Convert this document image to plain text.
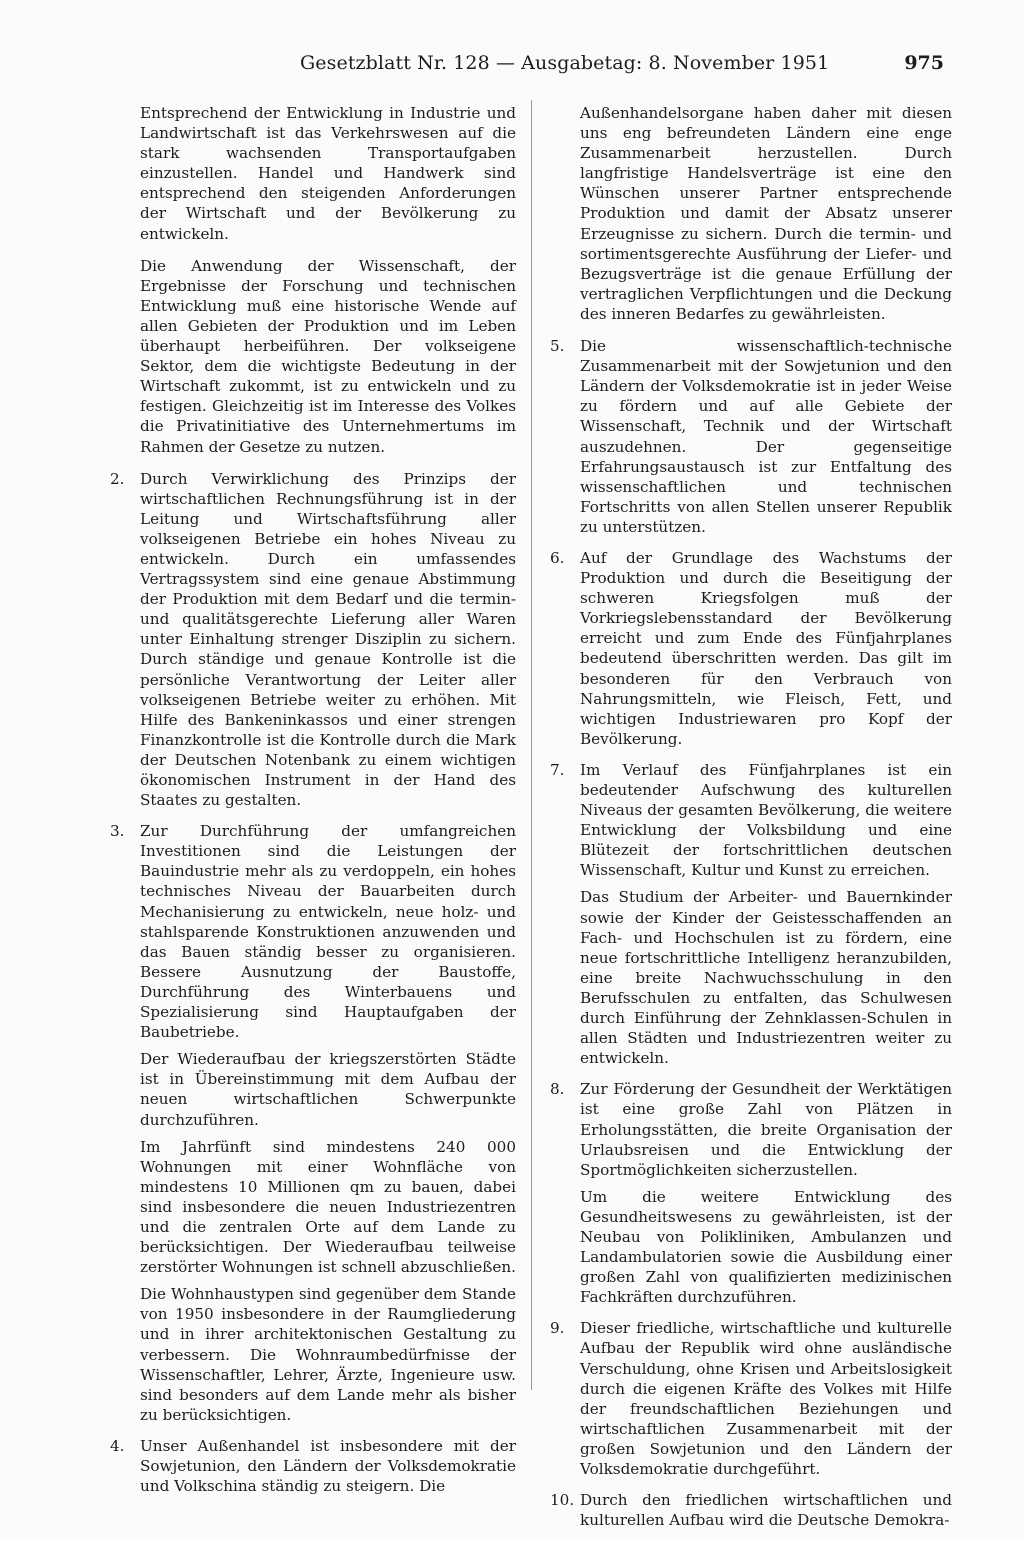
Gesetzblatt Nr. 128 — Ausgabetag: 8. November 1951	975

Entsprechend der Entwicklung in Industrie und Landwirtschaft ist das Verkehrswesen auf die stark wachsenden Transportaufgaben einzustellen. Handel und Handwerk sind entsprechend den steigenden Anforderungen der Wirtschaft und der Bevölkerung zu entwickeln.

Die Anwendung der Wissenschaft, der Ergebnisse der Forschung und technischen Entwicklung muß eine historische Wende auf allen Gebieten der Produktion und im Leben überhaupt herbeiführen. Der volkseigene Sektor, dem die wichtigste Bedeutung in der Wirtschaft zukommt, ist zu entwickeln und zu festigen. Gleichzeitig ist im Interesse des Volkes die Privatinitiative des Unternehmertums im Rahmen der Gesetze zu nutzen.

2. Durch Verwirklichung des Prinzips der wirtschaftlichen Rechnungsführung ist in der Leitung und Wirtschaftsführung aller volkseigenen Betriebe ein hohes Niveau zu entwickeln. Durch ein umfassendes Vertragssystem sind eine genaue Abstimmung der Produktion mit dem Bedarf und die termin- und qualitätsgerechte Lieferung aller Waren unter Einhaltung strenger Disziplin zu sichern. Durch ständige und genaue Kontrolle ist die persönliche Verantwortung der Leiter aller volkseigenen Betriebe weiter zu erhöhen. Mit Hilfe des Bankeninkassos und einer strengen Finanzkontrolle ist die Kontrolle durch die Mark der Deutschen Notenbank zu einem wichtigen ökonomischen Instrument in der Hand des Staates zu gestalten.
3. Zur Durchführung der umfangreichen Investitionen sind die Leistungen der Bauindustrie mehr als zu verdoppeln, ein hohes technisches Niveau der Bauarbeiten durch Mechanisierung zu entwickeln, neue holz- und stahlsparende Konstruktionen anzuwenden und das Bauen ständig besser zu organisieren. Bessere Ausnutzung der Baustoffe, Durchführung des Winterbauens und Spezialisierung sind Hauptaufgaben der Baubetriebe.
Der Wiederaufbau der kriegszerstörten Städte ist in Übereinstimmung mit dem Aufbau der neuen wirtschaftlichen Schwerpunkte durchzuführen.
Im Jahrfünft sind mindestens 240 000 Wohnungen mit einer Wohnfläche von mindestens 10 Millionen qm zu bauen, dabei sind insbesondere die neuen Industriezentren und die zentralen Orte auf dem Lande zu berücksichtigen. Der Wiederaufbau teilweise zerstörter Wohnungen ist schnell abzuschließen.
Die Wohnhaustypen sind gegenüber dem Stande von 1950 insbesondere in der Raumgliederung und in ihrer architektonischen Gestaltung zu verbessern. Die Wohnraumbedürfnisse der Wissenschaftler, Lehrer, Ärzte, Ingenieure usw. sind besonders auf dem Lande mehr als bisher zu berücksichtigen.
4. Unser Außenhandel ist insbesondere mit der Sowjetunion, den Ländern der Volksdemokratie und Volkschina ständig zu steigern. Die

Außenhandelsorgane haben daher mit diesen uns eng befreundeten Ländern eine enge Zusammenarbeit herzustellen. Durch langfristige Handelsverträge ist eine den Wünschen unserer Partner entsprechende Produktion und damit der Absatz unserer Erzeugnisse zu sichern. Durch die termin- und sortimentsgerechte Ausführung der Liefer- und Bezugsverträge ist die genaue Erfüllung der vertraglichen Verpflichtungen und die Deckung des inneren Bedarfes zu gewährleisten.

5. Die wissenschaftlich-technische Zusammenarbeit mit der Sowjetunion und den Ländern der Volksdemokratie ist in jeder Weise zu fördern und auf alle Gebiete der Wissenschaft, Technik und der Wirtschaft auszudehnen. Der gegenseitige Erfahrungsaustausch ist zur Entfaltung des wissenschaftlichen und technischen Fortschritts von allen Stellen unserer Republik zu unterstützen.
6. Auf der Grundlage des Wachstums der Produktion und durch die Beseitigung der schweren Kriegsfolgen muß der Vorkriegslebensstandard der Bevölkerung erreicht und zum Ende des Fünfjahrplanes bedeutend überschritten werden. Das gilt im besonderen für den Verbrauch von Nahrungsmitteln, wie Fleisch, Fett, und wichtigen Industriewaren pro Kopf der Bevölkerung.
7. Im Verlauf des Fünfjahrplanes ist ein bedeutender Aufschwung des kulturellen Niveaus der gesamten Bevölkerung, die weitere Entwicklung der Volksbildung und eine Blütezeit der fortschrittlichen deutschen Wissenschaft, Kultur und Kunst zu erreichen.
Das Studium der Arbeiter- und Bauernkinder sowie der Kinder der Geistesschaffenden an Fach- und Hochschulen ist zu fördern, eine neue fortschrittliche Intelligenz heranzubilden, eine breite Nachwuchsschulung in den Berufsschulen zu entfalten, das Schulwesen durch Einführung der Zehnklassen-Schulen in allen Städten und Industriezentren weiter zu entwickeln.
8. Zur Förderung der Gesundheit der Werktätigen ist eine große Zahl von Plätzen in Erholungsstätten, die breite Organisation der Urlaubsreisen und die Entwicklung der Sportmöglichkeiten sicherzustellen.
Um die weitere Entwicklung des Gesundheitswesens zu gewährleisten, ist der Neubau von Polikliniken, Ambulanzen und Landambulatorien sowie die Ausbildung einer großen Zahl von qualifizierten medizinischen Fachkräften durchzuführen.
9. Dieser friedliche, wirtschaftliche und kulturelle Aufbau der Republik wird ohne ausländische Verschuldung, ohne Krisen und Arbeitslosigkeit durch die eigenen Kräfte des Volkes mit Hilfe der freundschaftlichen Beziehungen und wirtschaftlichen Zusammenarbeit mit der großen Sowjetunion und den Ländern der Volksdemokratie durchgeführt.
10. Durch den friedlichen wirtschaftlichen und kulturellen Aufbau wird die Deutsche Demokra-
